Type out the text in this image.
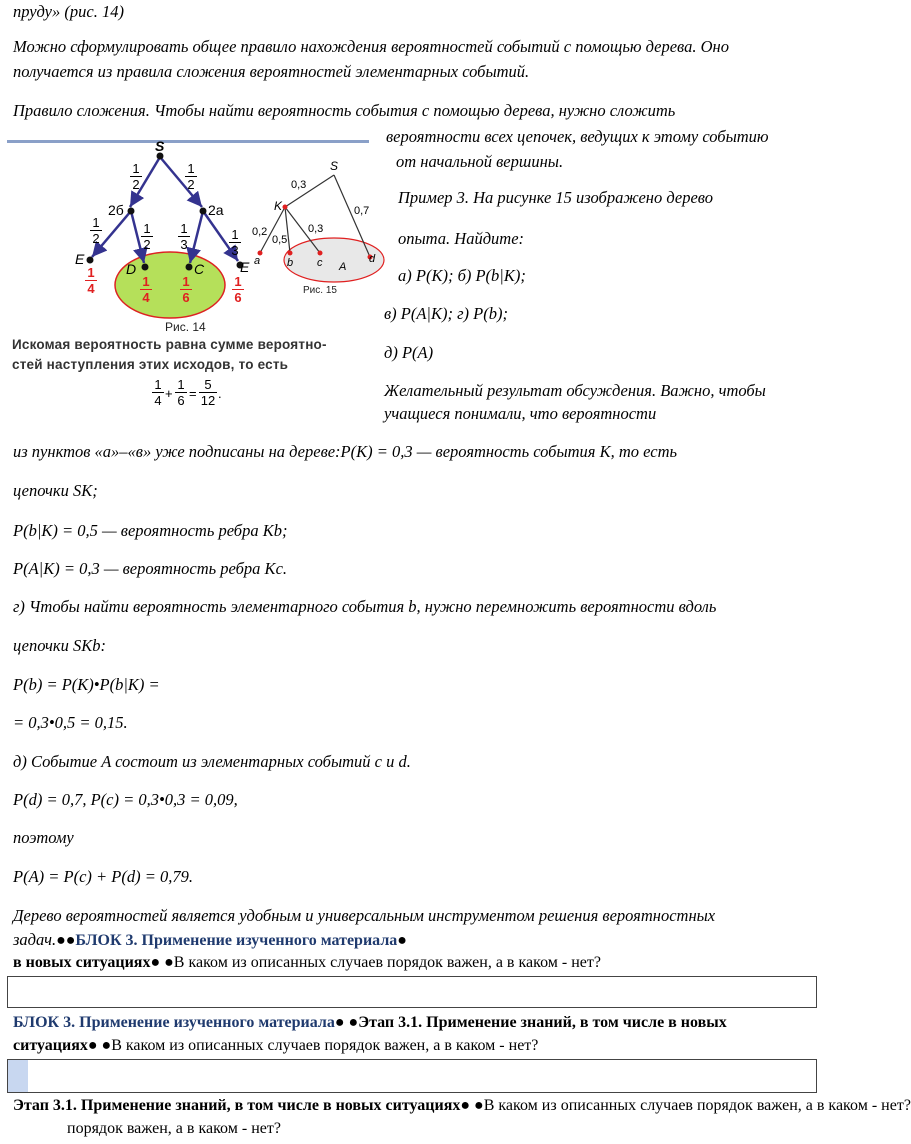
пруду» (рис. 14)

Можно сформулировать общее правило нахождения вероятностей событий с помощью дерева. Оно

получается из правила сложения вероятностей элементарных событий.

Правило сложения. Чтобы найти вероятность события с помощью дерева, нужно сложить

S
2б	2а
E
D	C	E
1
2
1
2
1
2
1
2
1
3
1
3
1
4	1
4
1
6
1
6
Рис. 14
Искомая вероятность равна сумме вероятно-
стей наступления этих исходов, то есть
1
4 +
1
6 =
5
12 .
S
K
a b c	d
A
0,3
0,7
0,2
0,5
0,3
Рис. 15

вероятности всех цепочек, ведущих к этому событию

от начальной вершины.

Пример 3. На рисунке 15 изображено дерево

опыта. Найдите:

а) P(K); б) P(b|K);

в) P(A|K); г) P(b);

д) P(A)

Желательный результат обсуждения. Важно, чтобы

учащиеся понимали, что вероятности

из пунктов «а»–«в» уже подписаны на дереве:P(K) = 0,3 — вероятность события K, то есть

цепочки SK;

P(b|K) = 0,5 — вероятность ребра Kb;

P(A|K) = 0,3 — вероятность ребра Kc.

г) Чтобы найти вероятность элементарного события b, нужно перемножить вероятности вдоль

цепочки SKb:

P(b) = P(K)•P(b|K) =

= 0,3•0,5 = 0,15.

д) Событие A состоит из элементарных событий c и d.

P(d) = 0,7, P(c) = 0,3•0,3 = 0,09,

поэтому

P(A) = P(c) + P(d) = 0,79.

Дерево вероятностей является удобным и универсальным инструментом решения вероятностных

задач.●●БЛОК 3. Применение изученного материала●

в новых ситуациях● ●В каком из описанных случаев порядок важен, а в каком - нет?

БЛОК 3. Применение изученного материала● ●Этап 3.1. Применение знаний, в том числе в новых

ситуациях● ●В каком из описанных случаев порядок важен, а в каком - нет?

Этап 3.1. Применение знаний, в том числе в новых ситуациях● ●В каком из описанных случаев порядок важен, а в каком - нет?

порядок важен, а в каком - нет?
